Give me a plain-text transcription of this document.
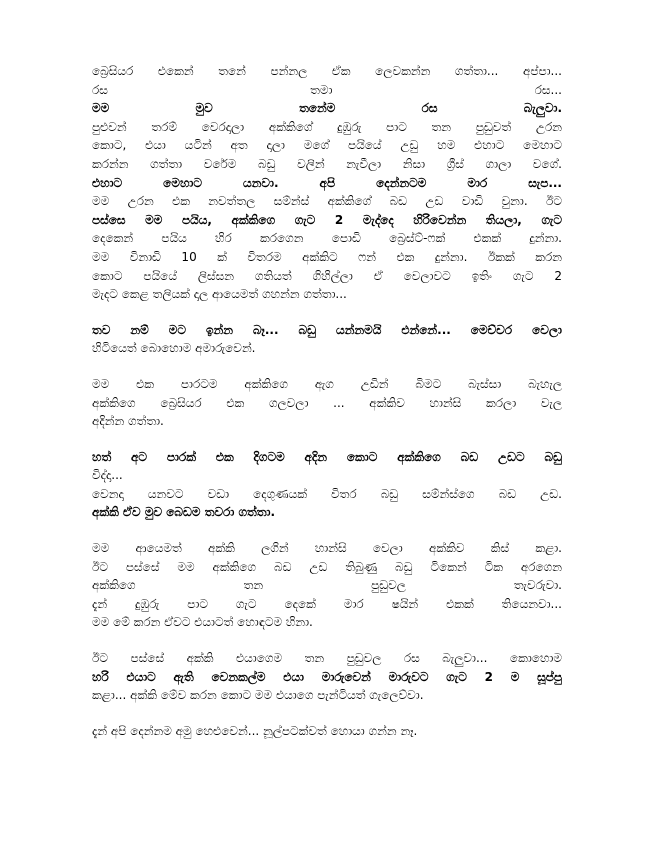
බ්‍රෙසියර එකෙන් තනේ පන්නල ඒක ලෙවකන්න ගත්තා... අප්පා...
රස තමා රස...
මම මුව තනේම රස බැලුවා.
පුළුවන් තරම් වෙරදාලා අක්කිගේ දුඹුරු පාට තන පුඩුවත් උරන
කොට, එයා යටින් අත දාලා මගේ පයියේ උඩු හම එහාට මෙහාට
කරන්න ගත්තා වරේම බඩු වලින් නැවීලා නිසා ග්‍රීස් ගාලා වගේ.
එහාට මෙහාට යනවා. අපි දෙන්නටම මාර සැප...
මම උරන එක නවත්තල සම්න්ස් අක්කිගේ බඩ උඩ වාඩි වුනා. ඊට
පස්සෙ මම පයිය, අක්කිගෙ ගැට 2 මැද්දෙ හිරිවෙන්න තියලා, ගැට
දෙකෙන් පයිය හිර කරගෙන පොඩි බ්‍රෙස්ට්-ෆක් එකක් දුන්නා.
මම විනාඩි 10 ක් විතරම අක්කිට ෆන් එක දුන්නා. ඊකක් කරන
කොට පයියේ ලිස්සන ගතියත් ගිහිල්ලා ඒ වෙලාවට ඉතිං ගැට 2
මැදට කෙළ තලියක් දාල ආයෙමත් ගහන්න ගත්තා...
තව නම් මට ඉන්න බෑ... බඩු යන්නමයි එන්නේ... මෙච්චර වෙලා
හිටියෙත් බොහොම අමාරුවෙන්.
මම එක පාරටම අක්කිගෙ ඇග උඩින් බිමට බැස්සා බැහැල
අක්කිගෙ බ්‍රෙසියර එක ගලවලා ... අක්කිව හාන්සි කරලා වැල
අදින්න ගත්තා.
හත් අට පාරක් එක දිගටම අදින කොට අක්කිගෙ බඩ උඩට බඩු
විද්දා...
වෙනදා යනවට වඩා දෙගුණයක් විතර බඩු සම්න්ස්ගෙ බඩ උඩ.
අක්කි ඒව මුව බෙඩම තවරා ගත්තා.
මම ආයෙමත් අක්කි ලගින් හාන්සි වෙලා අක්කිව කිස් කළා.
ඊට පස්සේ මම අක්කිගෙ බඩ උඩ තිබුණු බඩු ටිකෙන් ටික අරගෙන
අක්කිගෙ තන පුඩුවල තැවරුවා.
දැන් දුඹුරු පාට ගැට දෙකේ මාර ෂයින් එකක් තියෙනවා...
මම මේ කරන ඒවට එයාටත් හොඳටම හිනා.
ඊට පස්සේ අක්කි එයාගෙම තන පුඩුවල රස බැලුවා... කොහොම
හරි එයාට ඇති වෙනකල්ම එයා මාරුවෙන් මාරුවට ගැට 2 ම සූප්පු
කළා... අක්කි මේව කරන කොට මම එයාගෙ පැන්ටියත් ගැලෙව්වා.
දැන් අපි දෙන්නම අමු හෙළුවෙන්... නූල්පටක්වත් හොයා ගන්න නෑ.
